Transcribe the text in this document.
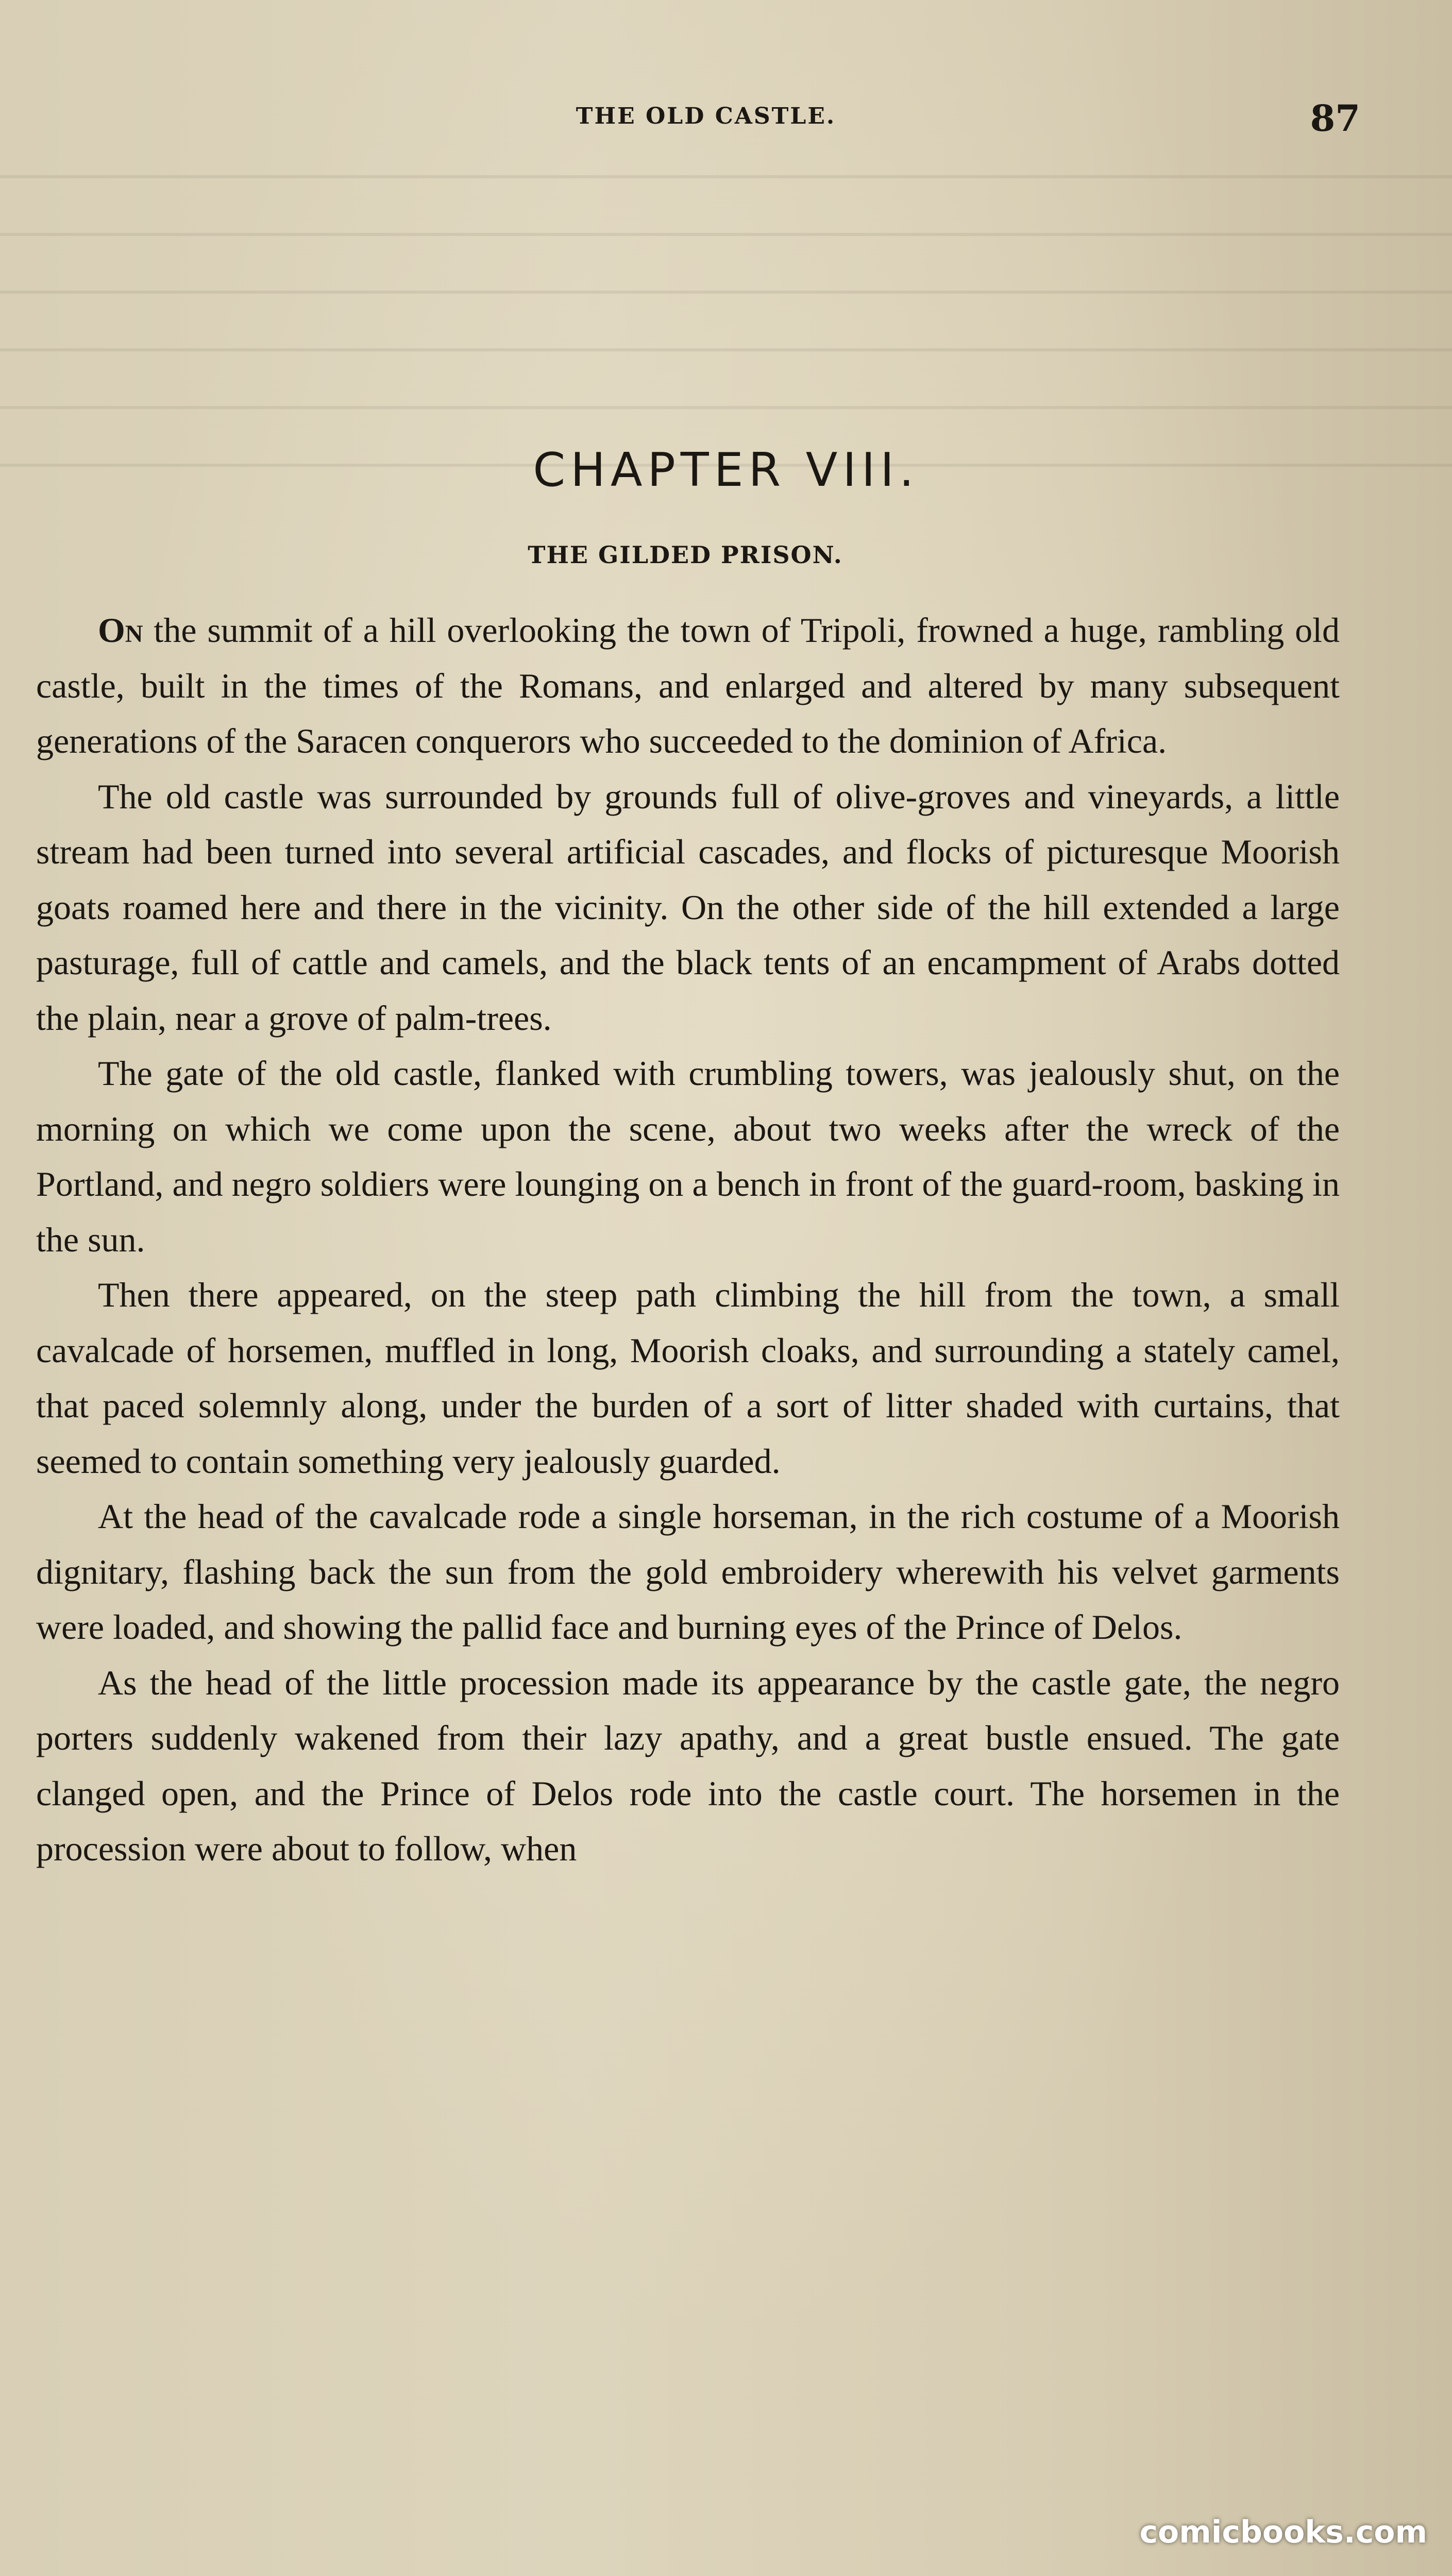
THE OLD CASTLE.	87
CHAPTER VIII.
THE GILDED PRISON.

On the summit of a hill overlooking the town of Tripoli, frowned a huge, rambling old castle, built in the times of the Romans, and enlarged and altered by many subsequent generations of the Saracen conquerors who succeeded to the dominion of Africa.

The old castle was surrounded by grounds full of olive-groves and vineyards, a little stream had been turned into several artificial cascades, and flocks of picturesque Moorish goats roamed here and there in the vicinity. On the other side of the hill extended a large pasturage, full of cattle and camels, and the black tents of an encampment of Arabs dotted the plain, near a grove of palm-trees.

The gate of the old castle, flanked with crumbling towers, was jealously shut, on the morning on which we come upon the scene, about two weeks after the wreck of the Portland, and negro soldiers were lounging on a bench in front of the guard-room, basking in the sun.

Then there appeared, on the steep path climbing the hill from the town, a small cavalcade of horsemen, muffled in long, Moorish cloaks, and surrounding a stately camel, that paced solemnly along, under the burden of a sort of litter shaded with curtains, that seemed to contain something very jealously guarded.

At the head of the cavalcade rode a single horseman, in the rich costume of a Moorish dignitary, flashing back the sun from the gold embroidery wherewith his velvet garments were loaded, and showing the pallid face and burning eyes of the Prince of Delos.

As the head of the little procession made its appearance by the castle gate, the negro porters suddenly wakened from their lazy apathy, and a great bustle ensued. The gate clanged open, and the Prince of Delos rode into the castle court. The horsemen in the procession were about to follow, when

comicbooks.com
